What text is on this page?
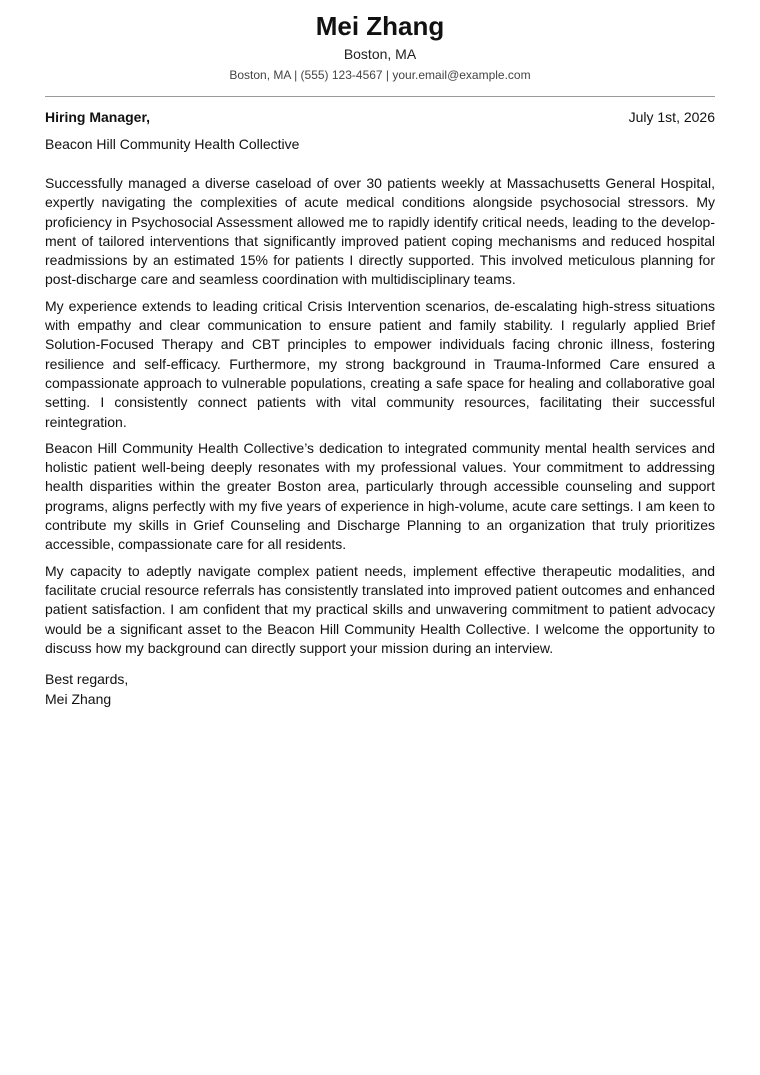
Mei Zhang
Boston, MA
Boston, MA | (555) 123-4567 | your.email@example.com
Hiring Manager,	July 1st, 2026
Beacon Hill Community Health Collective

Successfully managed a diverse caseload of over 30 patients weekly at Massachusetts General Hospital, expertly navigating the complexities of acute medical conditions alongside psychosocial stressors. My proficiency in Psychosocial Assessment allowed me to rapidly identify critical needs, leading to the development of tailored interventions that significantly improved patient coping mechanisms and reduced hospital readmissions by an estimated 15% for patients I directly supported. This involved meticulous planning for post-discharge care and seamless coordination with multidisciplinary teams.

My experience extends to leading critical Crisis Intervention scenarios, de-escalating high-stress situations with empathy and clear communication to ensure patient and family stability. I regularly applied Brief Solution-Focused Therapy and CBT principles to empower individuals facing chronic illness, fostering resilience and self-efficacy. Furthermore, my strong background in Trauma-Informed Care ensured a compassionate approach to vulnerable populations, creating a safe space for healing and collaborative goal setting. I consistently connect patients with vital community resources, facilitating their successful reintegration.

Beacon Hill Community Health Collective’s dedication to integrated community mental health services and holistic patient well-being deeply resonates with my professional values. Your commitment to addressing health disparities within the greater Boston area, particularly through accessible counseling and support programs, aligns perfectly with my five years of experience in high-volume, acute care settings. I am keen to contribute my skills in Grief Counseling and Discharge Planning to an organization that truly prioritizes accessible, compassionate care for all residents.

My capacity to adeptly navigate complex patient needs, implement effective therapeutic modalities, and facilitate crucial resource referrals has consistently translated into improved patient outcomes and enhanced patient satisfaction. I am confident that my practical skills and unwavering commitment to patient advocacy would be a significant asset to the Beacon Hill Community Health Collective. I welcome the opportunity to discuss how my background can directly support your mission during an interview.

Best regards,
Mei Zhang
